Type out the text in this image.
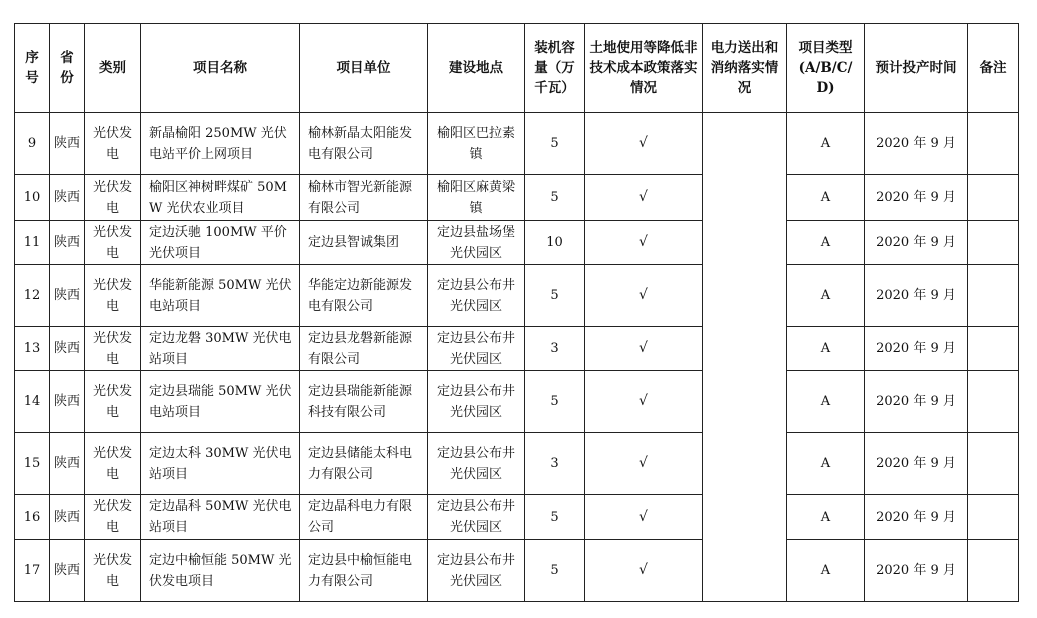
序号	省份	类别	项目名称	项目单位	建设地点	装机容量（万千瓦）	土地使用等降低非技术成本政策落实情况	电力送出和消纳落实情况	项目类型(A/B/C/D)	预计投产时间	备注
9	陕西	光伏发电	新晶榆阳 250MW 光伏电站平价上网项目	榆林新晶太阳能发电有限公司	榆阳区巴拉素镇	5	√		A	2020 年 9 月	
10	陕西	光伏发电	榆阳区神树畔煤矿 50MW 光伏农业项目	榆林市智光新能源有限公司	榆阳区麻黄梁镇	5	√		A	2020 年 9 月	
11	陕西	光伏发电	定边沃驰 100MW 平价光伏项目	定边县智诚集团	定边县盐场堡光伏园区	10	√		A	2020 年 9 月	
12	陕西	光伏发电	华能新能源 50MW 光伏电站项目	华能定边新能源发电有限公司	定边县公布井光伏园区	5	√		A	2020 年 9 月	
13	陕西	光伏发电	定边龙磐 30MW 光伏电站项目	定边县龙磐新能源有限公司	定边县公布井光伏园区	3	√		A	2020 年 9 月	
14	陕西	光伏发电	定边县瑞能 50MW 光伏电站项目	定边县瑞能新能源科技有限公司	定边县公布井光伏园区	5	√		A	2020 年 9 月	
15	陕西	光伏发电	定边太科 30MW 光伏电站项目	定边县储能太科电力有限公司	定边县公布井光伏园区	3	√		A	2020 年 9 月	
16	陕西	光伏发电	定边晶科 50MW 光伏电站项目	定边晶科电力有限公司	定边县公布井光伏园区	5	√		A	2020 年 9 月	
17	陕西	光伏发电	定边中榆恒能 50MW 光伏发电项目	定边县中榆恒能电力有限公司	定边县公布井光伏园区	5	√		A	2020 年 9 月	
